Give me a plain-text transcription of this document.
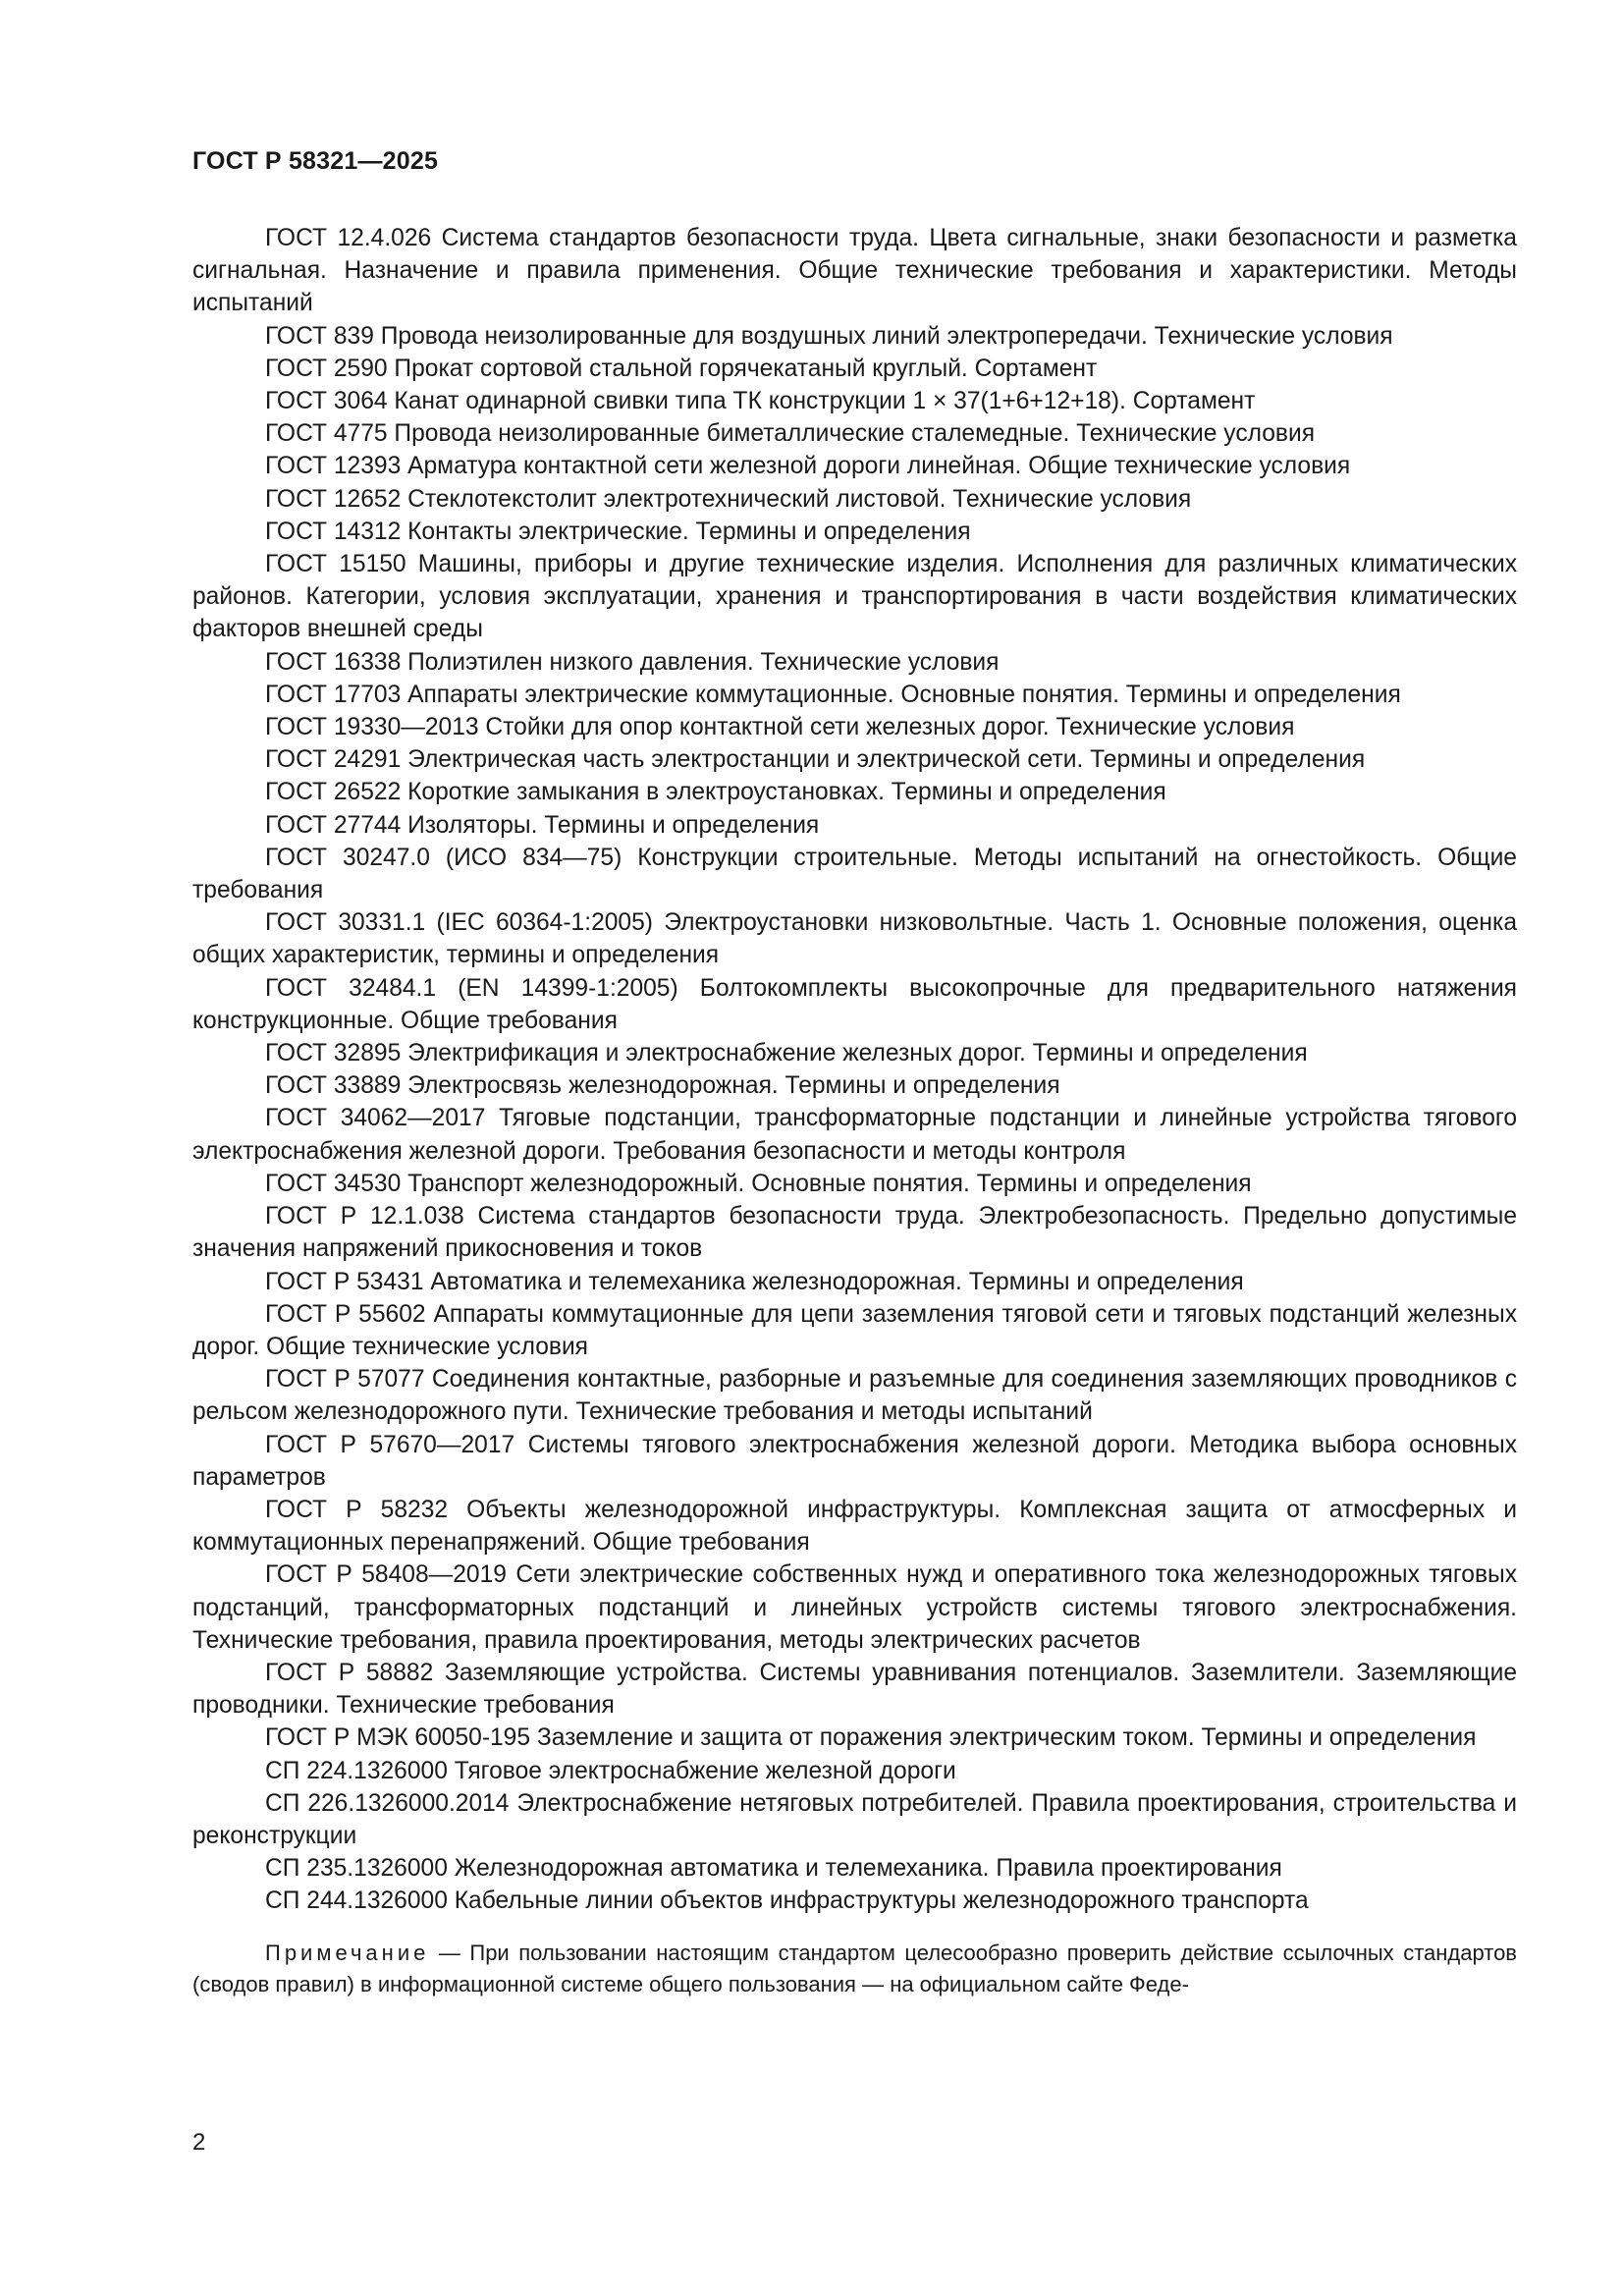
ГОСТ Р 58321—2025

ГОСТ 12.4.026 Система стандартов безопасности труда. Цвета сигнальные, знаки безопасности и разметка сигнальная. Назначение и правила применения. Общие технические требования и характеристики. Методы испытаний

ГОСТ 839 Провода неизолированные для воздушных линий электропередачи. Технические условия

ГОСТ 2590 Прокат сортовой стальной горячекатаный круглый. Сортамент

ГОСТ 3064 Канат одинарной свивки типа ТК конструкции 1 × 37(1+6+12+18). Сортамент

ГОСТ 4775 Провода неизолированные биметаллические сталемедные. Технические условия

ГОСТ 12393 Арматура контактной сети железной дороги линейная. Общие технические условия

ГОСТ 12652 Стеклотекстолит электротехнический листовой. Технические условия

ГОСТ 14312 Контакты электрические. Термины и определения

ГОСТ 15150 Машины, приборы и другие технические изделия. Исполнения для различных климатических районов. Категории, условия эксплуатации, хранения и транспортирования в части воздействия климатических факторов внешней среды

ГОСТ 16338 Полиэтилен низкого давления. Технические условия

ГОСТ 17703 Аппараты электрические коммутационные. Основные понятия. Термины и определения

ГОСТ 19330—2013 Стойки для опор контактной сети железных дорог. Технические условия

ГОСТ 24291 Электрическая часть электростанции и электрической сети. Термины и определения

ГОСТ 26522 Короткие замыкания в электроустановках. Термины и определения

ГОСТ 27744 Изоляторы. Термины и определения

ГОСТ 30247.0 (ИСО 834—75) Конструкции строительные. Методы испытаний на огнестойкость. Общие требования

ГОСТ 30331.1 (IEC 60364-1:2005) Электроустановки низковольтные. Часть 1. Основные положения, оценка общих характеристик, термины и определения

ГОСТ 32484.1 (EN 14399-1:2005) Болтокомплекты высокопрочные для предварительного натяжения конструкционные. Общие требования

ГОСТ 32895 Электрификация и электроснабжение железных дорог. Термины и определения

ГОСТ 33889 Электросвязь железнодорожная. Термины и определения

ГОСТ 34062—2017 Тяговые подстанции, трансформаторные подстанции и линейные устройства тягового электроснабжения железной дороги. Требования безопасности и методы контроля

ГОСТ 34530 Транспорт железнодорожный. Основные понятия. Термины и определения

ГОСТ Р 12.1.038 Система стандартов безопасности труда. Электробезопасность. Предельно допустимые значения напряжений прикосновения и токов

ГОСТ Р 53431 Автоматика и телемеханика железнодорожная. Термины и определения

ГОСТ Р 55602 Аппараты коммутационные для цепи заземления тяговой сети и тяговых подстанций железных дорог. Общие технические условия

ГОСТ Р 57077 Соединения контактные, разборные и разъемные для соединения заземляющих проводников с рельсом железнодорожного пути. Технические требования и методы испытаний

ГОСТ Р 57670—2017 Системы тягового электроснабжения железной дороги. Методика выбора основных параметров

ГОСТ Р 58232 Объекты железнодорожной инфраструктуры. Комплексная защита от атмосферных и коммутационных перенапряжений. Общие требования

ГОСТ Р 58408—2019 Сети электрические собственных нужд и оперативного тока железнодорожных тяговых подстанций, трансформаторных подстанций и линейных устройств системы тягового электроснабжения. Технические требования, правила проектирования, методы электрических расчетов

ГОСТ Р 58882 Заземляющие устройства. Системы уравнивания потенциалов. Заземлители. Заземляющие проводники. Технические требования

ГОСТ Р МЭК 60050-195 Заземление и защита от поражения электрическим током. Термины и определения

СП 224.1326000 Тяговое электроснабжение железной дороги

СП 226.1326000.2014 Электроснабжение нетяговых потребителей. Правила проектирования, строительства и реконструкции

СП 235.1326000 Железнодорожная автоматика и телемеханика. Правила проектирования

СП 244.1326000 Кабельные линии объектов инфраструктуры железнодорожного транспорта

Примечание — При пользовании настоящим стандартом целесообразно проверить действие ссылочных стандартов (сводов правил) в информационной системе общего пользования — на официальном сайте Феде-

2
